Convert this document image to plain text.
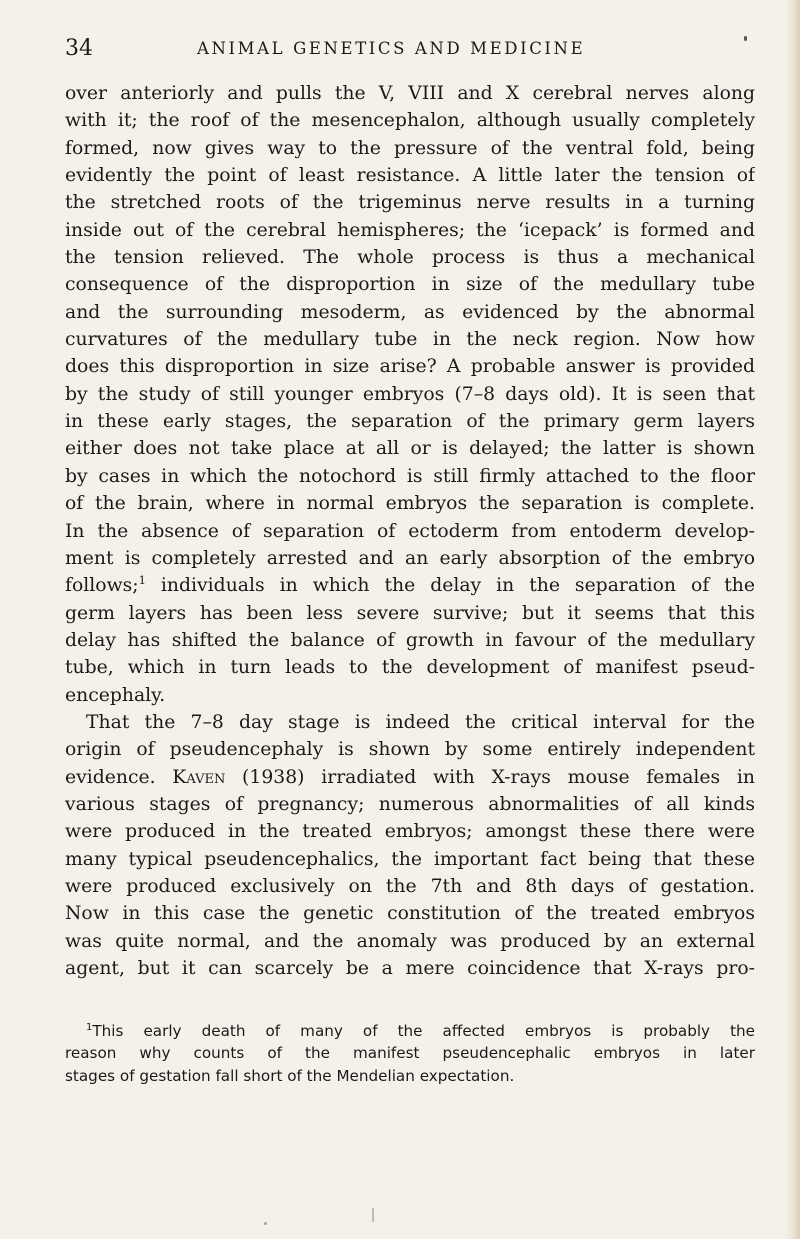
34	ANIMAL GENETICS AND MEDICINE
over anteriorly and pulls the V, VIII and X cerebral nerves along
with it; the roof of the mesencephalon, although usually completely
formed, now gives way to the pressure of the ventral fold, being
evidently the point of least resistance. A little later the tension of
the stretched roots of the trigeminus nerve results in a turning
inside out of the cerebral hemispheres; the ‘icepack’ is formed and
the tension relieved. The whole process is thus a mechanical
consequence of the disproportion in size of the medullary tube
and the surrounding mesoderm, as evidenced by the abnormal
curvatures of the medullary tube in the neck region. Now how
does this disproportion in size arise? A probable answer is provided
by the study of still younger embryos (7–8 days old). It is seen that
in these early stages, the separation of the primary germ layers
either does not take place at all or is delayed; the latter is shown
by cases in which the notochord is still firmly attached to the floor
of the brain, where in normal embryos the separation is complete.
In the absence of separation of ectoderm from entoderm develop-
ment is completely arrested and an early absorption of the embryo
follows;$^1$ individuals in which the delay in the separation of the
germ layers has been less severe survive; but it seems that this
delay has shifted the balance of growth in favour of the medullary
tube, which in turn leads to the development of manifest pseud-
encephaly.
That the 7–8 day stage is indeed the critical interval for the
origin of pseudencephaly is shown by some entirely independent
evidence. Kaven (1938) irradiated with X-rays mouse females in
various stages of pregnancy; numerous abnormalities of all kinds
were produced in the treated embryos; amongst these there were
many typical pseudencephalics, the important fact being that these
were produced exclusively on the 7th and 8th days of gestation.
Now in this case the genetic constitution of the treated embryos
was quite normal, and the anomaly was produced by an external
agent, but it can scarcely be a mere coincidence that X-rays pro-
$^1$This early death of many of the affected embryos is probably the
reason why counts of the manifest pseudencephalic embryos in later
stages of gestation fall short of the Mendelian expectation.
